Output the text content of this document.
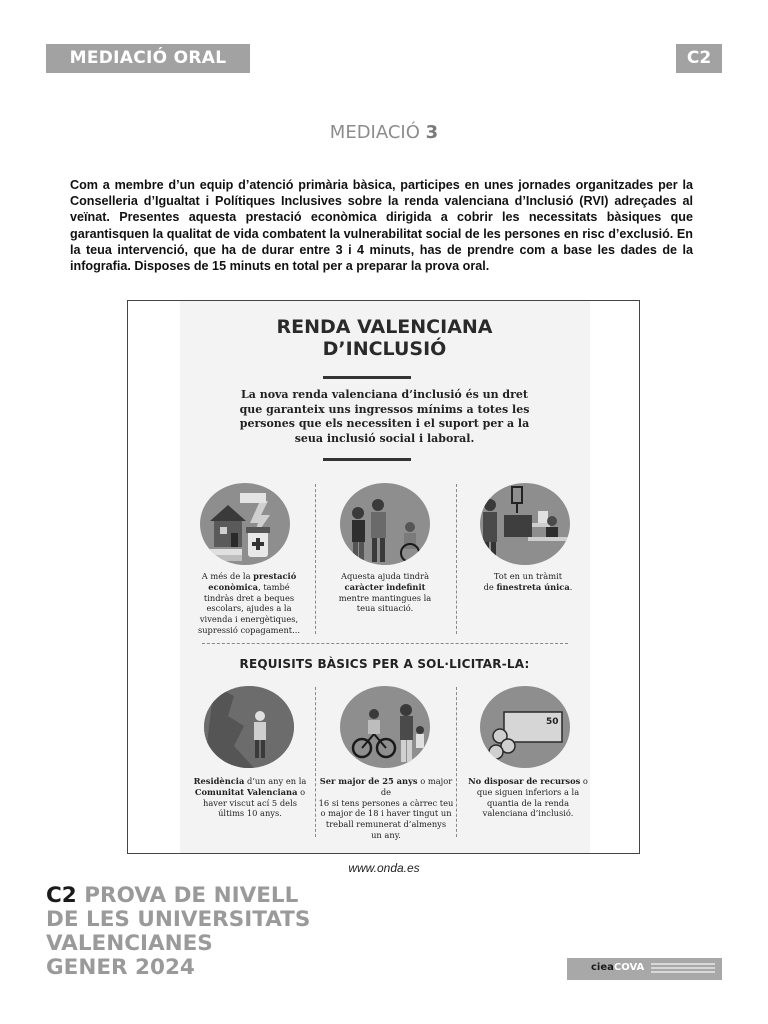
MEDIACIÓ ORAL	C2
MEDIACIÓ 3

Com a membre d’un equip d’atenció primària bàsica, participes en unes jornades organitzades per la Conselleria d’Igualtat i Polítiques Inclusives sobre la renda valenciana d’Inclusió (RVI) adreçades al veïnat. Presentes aquesta prestació econòmica dirigida a cobrir les necessitats bàsiques que garantisquen la qualitat de vida combatent la vulnerabilitat social de les persones en risc d’exclusió. En la teua intervenció, que ha de durar entre 3 i 4 minuts, has de prendre com a base les dades de la infografia. Disposes de 15 minuts en total per a preparar la prova oral.

RENDA VALENCIANA
D’INCLUSIÓ
La nova renda valenciana d’inclusió és un dret
que garanteix uns ingressos mínims a totes les
persones que els necessiten i el suport per a la
seua inclusió social i laboral.
A més de la prestació
econòmica, també
tindràs dret a beques
escolars, ajudes a la
vivenda i energètiques,
supressió copagament...
Aquesta ajuda tindrà
caràcter indefinit
mentre mantingues la
teua situació.
Tot en un tràmit
de finestreta única.
REQUISITS BÀSICS PER A SOL·LICITAR-LA:
50
Residència d’un any en la
Comunitat Valenciana o
haver viscut ací 5 dels
últims 10 anys.
Ser major de 25 anys o major de
16 si tens persones a càrrec teu
o major de 18 i haver tingut un
treball remunerat d’almenys
un any.
No disposar de recursos o
que siguen inferiors a la
quantia de la renda
valenciana d’inclusió.
www.onda.es
C2 PROVA DE NIVELL
DE LES UNIVERSITATS
VALENCIANES
GENER 2024	cieaCOVA
